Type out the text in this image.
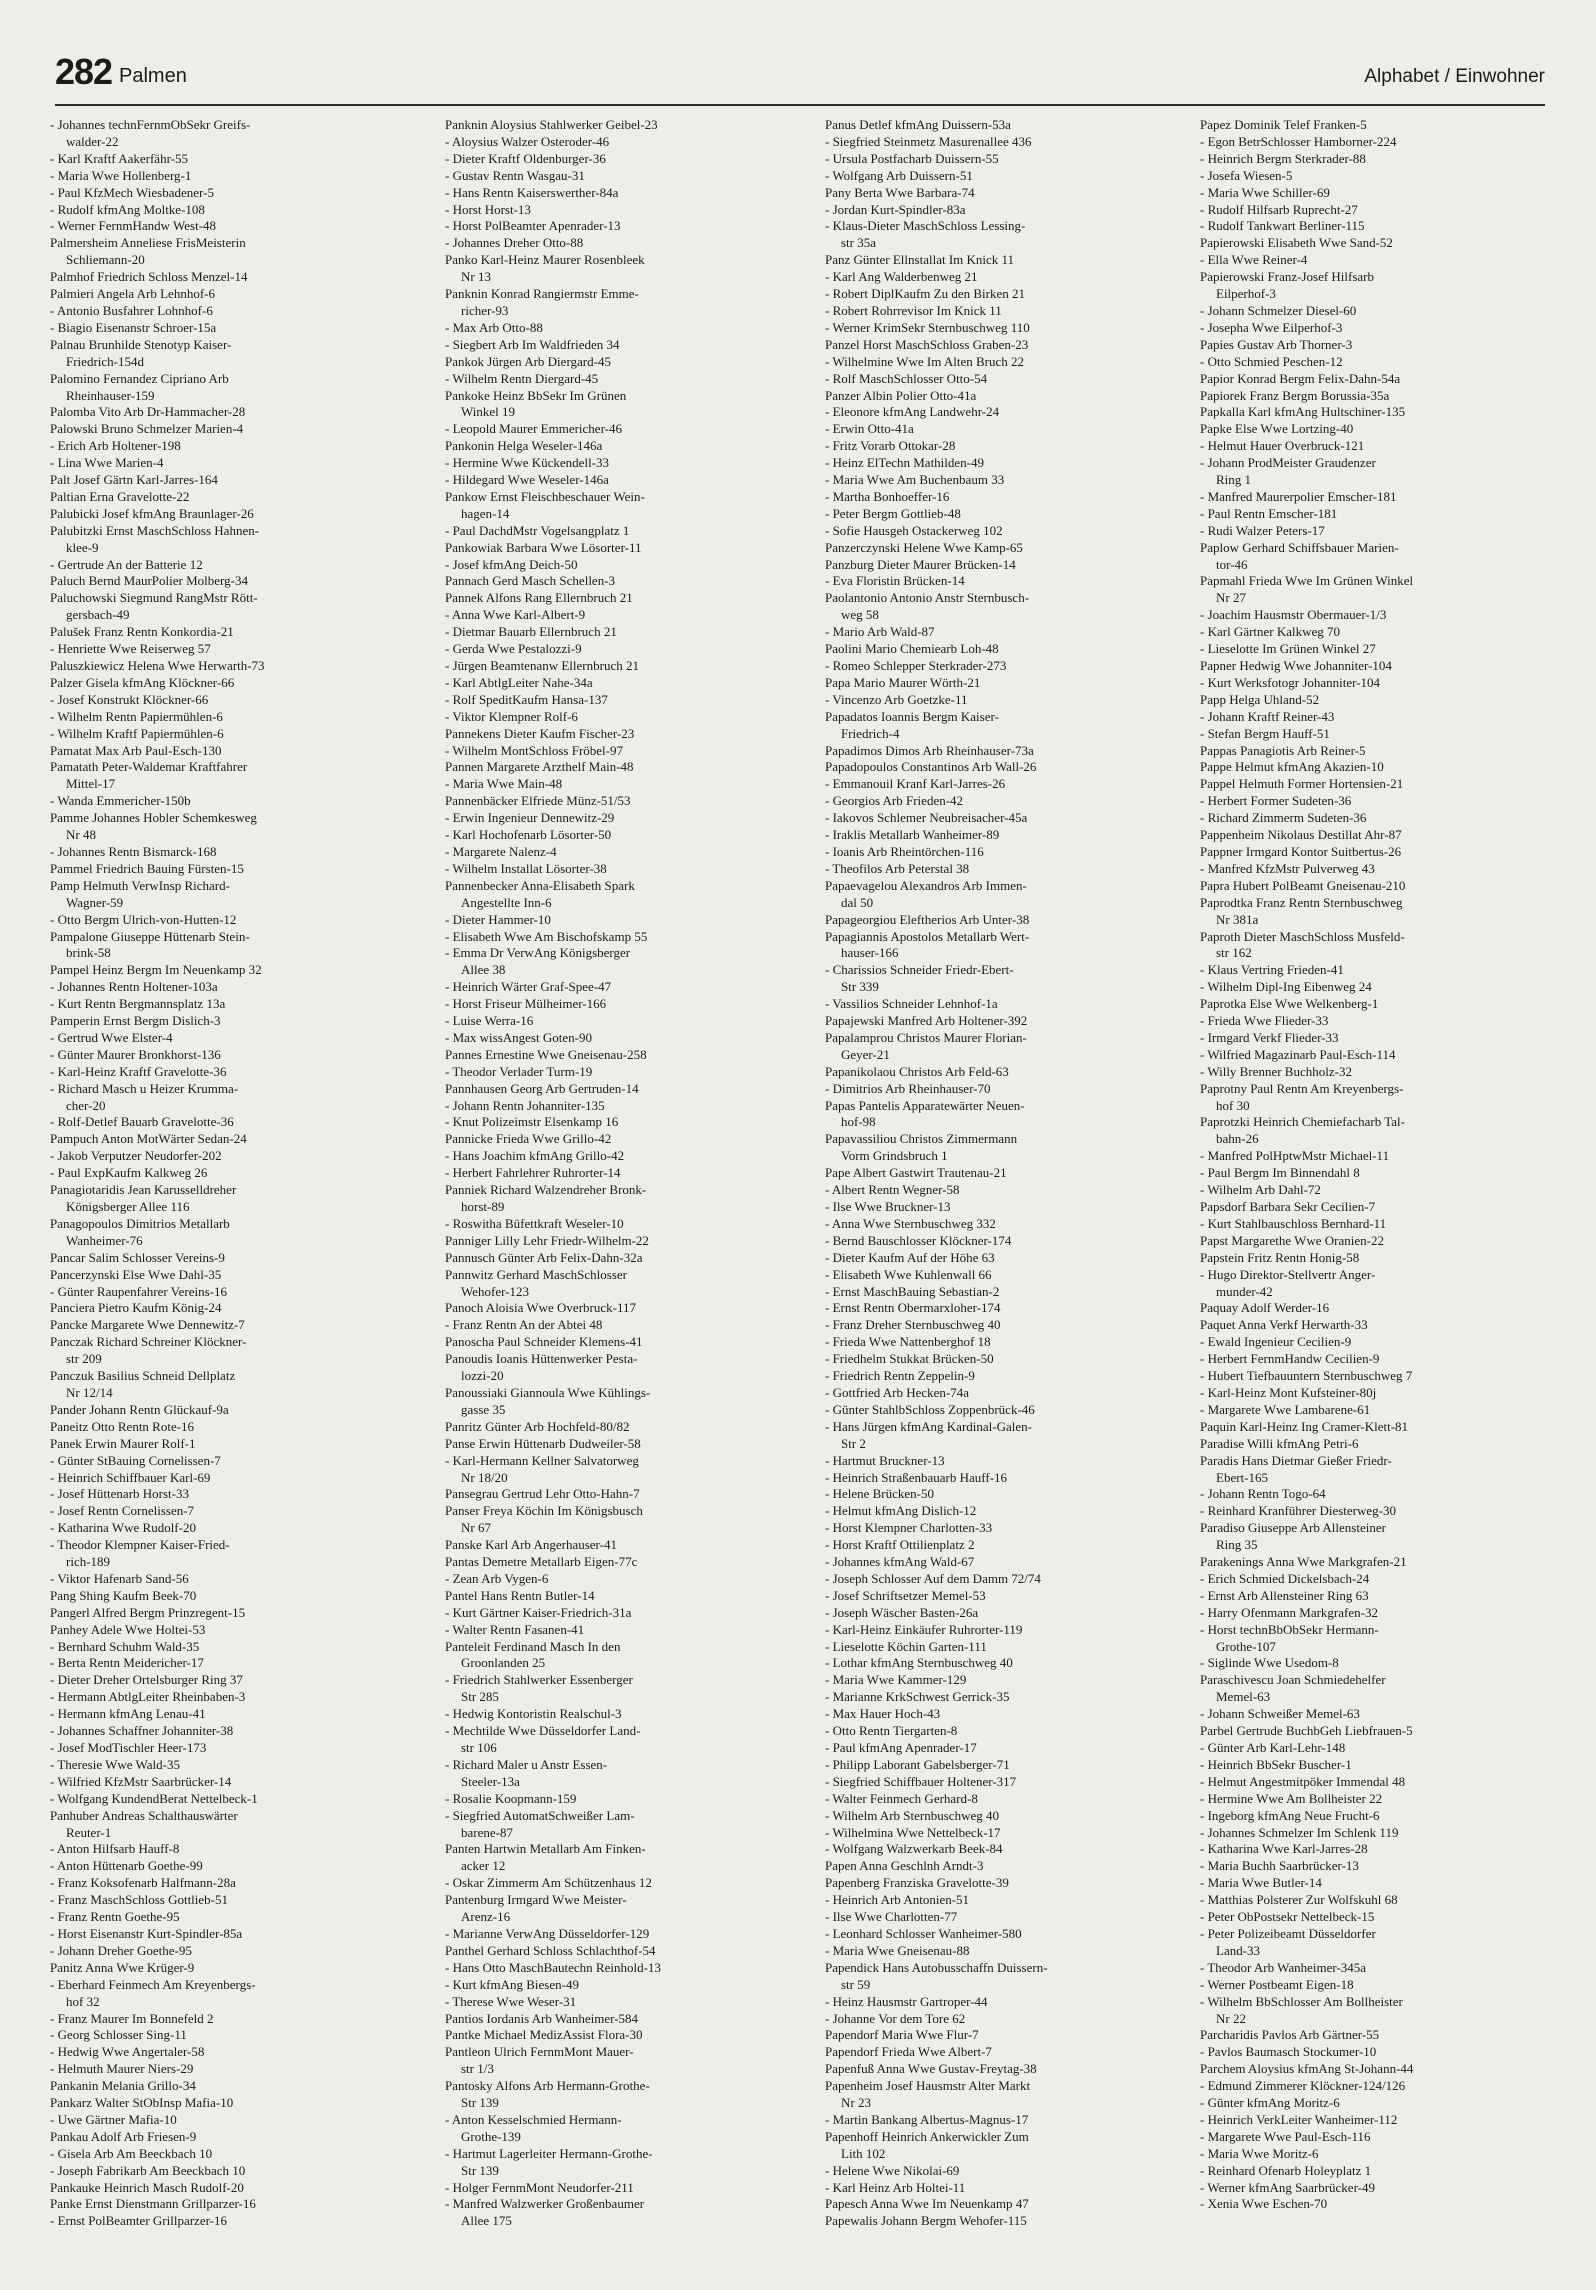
282 Palmen	Alphabet / Einwohner
- Johannes technFernmObSekr Greifs-
walder-22
- Karl Kraftf Aakerfähr-55
- Maria Wwe Hollenberg-1
- Paul KfzMech Wiesbadener-5
- Rudolf kfmAng Moltke-108
- Werner FernmHandw West-48
Palmersheim Anneliese FrisMeisterin
Schliemann-20
Palmhof Friedrich Schloss Menzel-14
Palmieri Angela Arb Lehnhof-6
- Antonio Busfahrer Lohnhof-6
- Biagio Eisenanstr Schroer-15a
Palnau Brunhilde Stenotyp Kaiser-
Friedrich-154d
Palomino Fernandez Cipriano Arb
Rheinhauser-159
Palomba Vito Arb Dr-Hammacher-28
Palowski Bruno Schmelzer Marien-4
- Erich Arb Holtener-198
- Lina Wwe Marien-4
Palt Josef Gärtn Karl-Jarres-164
Paltian Erna Gravelotte-22
Palubicki Josef kfmAng Braunlager-26
Palubitzki Ernst MaschSchloss Hahnen-
klee-9
- Gertrude An der Batterie 12
Paluch Bernd MaurPolier Molberg-34
Paluchowski Siegmund RangMstr Rött-
gersbach-49
Palušek Franz Rentn Konkordia-21
- Henriette Wwe Reiserweg 57
Paluszkiewicz Helena Wwe Herwarth-73
Palzer Gisela kfmAng Klöckner-66
- Josef Konstrukt Klöckner-66
- Wilhelm Rentn Papiermühlen-6
- Wilhelm Kraftf Papiermühlen-6
Pamatat Max Arb Paul-Esch-130
Pamatath Peter-Waldemar Kraftfahrer
Mittel-17
- Wanda Emmericher-150b
Pamme Johannes Hobler Schemkesweg
Nr 48
- Johannes Rentn Bismarck-168
Pammel Friedrich Bauing Fürsten-15
Pamp Helmuth VerwInsp Richard-
Wagner-59
- Otto Bergm Ulrich-von-Hutten-12
Pampalone Giuseppe Hüttenarb Stein-
brink-58
Pampel Heinz Bergm Im Neuenkamp 32
- Johannes Rentn Holtener-103a
- Kurt Rentn Bergmannsplatz 13a
Pamperin Ernst Bergm Dislich-3
- Gertrud Wwe Elster-4
- Günter Maurer Bronkhorst-136
- Karl-Heinz Kraftf Gravelotte-36
- Richard Masch u Heizer Krumma-
cher-20
- Rolf-Detlef Bauarb Gravelotte-36
Pampuch Anton MotWärter Sedan-24
- Jakob Verputzer Neudorfer-202
- Paul ExpKaufm Kalkweg 26
Panagiotaridis Jean Karusselldreher
Königsberger Allee 116
Panagopoulos Dimitrios Metallarb
Wanheimer-76
Pancar Salim Schlosser Vereins-9
Pancerzynski Else Wwe Dahl-35
- Günter Raupenfahrer Vereins-16
Panciera Pietro Kaufm König-24
Pancke Margarete Wwe Dennewitz-7
Panczak Richard Schreiner Klöckner-
str 209
Panczuk Basilius Schneid Dellplatz
Nr 12/14
Pander Johann Rentn Glückauf-9a
Paneitz Otto Rentn Rote-16
Panek Erwin Maurer Rolf-1
- Günter StBauing Cornelissen-7
- Heinrich Schiffbauer Karl-69
- Josef Hüttenarb Horst-33
- Josef Rentn Cornelissen-7
- Katharina Wwe Rudolf-20
- Theodor Klempner Kaiser-Fried-
rich-189
- Viktor Hafenarb Sand-56
Pang Shing Kaufm Beek-70
Pangerl Alfred Bergm Prinzregent-15
Panhey Adele Wwe Holtei-53
- Bernhard Schuhm Wald-35
- Berta Rentn Meidericher-17
- Dieter Dreher Ortelsburger Ring 37
- Hermann AbtlgLeiter Rheinbaben-3
- Hermann kfmAng Lenau-41
- Johannes Schaffner Johanniter-38
- Josef ModTischler Heer-173
- Theresie Wwe Wald-35
- Wilfried KfzMstr Saarbrücker-14
- Wolfgang KundendBerat Nettelbeck-1
Panhuber Andreas Schalthauswärter
Reuter-1
- Anton Hilfsarb Hauff-8
- Anton Hüttenarb Goethe-99
- Franz Koksofenarb Halfmann-28a
- Franz MaschSchloss Gottlieb-51
- Franz Rentn Goethe-95
- Horst Eisenanstr Kurt-Spindler-85a
- Johann Dreher Goethe-95
Panitz Anna Wwe Krüger-9
- Eberhard Feinmech Am Kreyenbergs-
hof 32
- Franz Maurer Im Bonnefeld 2
- Georg Schlosser Sing-11
- Hedwig Wwe Angertaler-58
- Helmuth Maurer Niers-29
Pankanin Melania Grillo-34
Pankarz Walter StObInsp Mafia-10
- Uwe Gärtner Mafia-10
Pankau Adolf Arb Friesen-9
- Gisela Arb Am Beeckbach 10
- Joseph Fabrikarb Am Beeckbach 10
Pankauke Heinrich Masch Rudolf-20
Panke Ernst Dienstmann Grillparzer-16
- Ernst PolBeamter Grillparzer-16
Panknin Aloysius Stahlwerker Geibel-23
- Aloysius Walzer Osteroder-46
- Dieter Kraftf Oldenburger-36
- Gustav Rentn Wasgau-31
- Hans Rentn Kaiserswerther-84a
- Horst Horst-13
- Horst PolBeamter Apenrader-13
- Johannes Dreher Otto-88
Panko Karl-Heinz Maurer Rosenbleek
Nr 13
Panknin Konrad Rangiermstr Emme-
richer-93
- Max Arb Otto-88
- Siegbert Arb Im Waldfrieden 34
Pankok Jürgen Arb Diergard-45
- Wilhelm Rentn Diergard-45
Pankoke Heinz BbSekr Im Grünen
Winkel 19
- Leopold Maurer Emmericher-46
Pankonin Helga Weseler-146a
- Hermine Wwe Kückendell-33
- Hildegard Wwe Weseler-146a
Pankow Ernst Fleischbeschauer Wein-
hagen-14
- Paul DachdMstr Vogelsangplatz 1
Pankowiak Barbara Wwe Lösorter-11
- Josef kfmAng Deich-50
Pannach Gerd Masch Schellen-3
Pannek Alfons Rang Ellernbruch 21
- Anna Wwe Karl-Albert-9
- Dietmar Bauarb Ellernbruch 21
- Gerda Wwe Pestalozzi-9
- Jürgen Beamtenanw Ellernbruch 21
- Karl AbtlgLeiter Nahe-34a
- Rolf SpeditKaufm Hansa-137
- Viktor Klempner Rolf-6
Pannekens Dieter Kaufm Fischer-23
- Wilhelm MontSchloss Fröbel-97
Pannen Margarete Arzthelf Main-48
- Maria Wwe Main-48
Pannenbäcker Elfriede Münz-51/53
- Erwin Ingenieur Dennewitz-29
- Karl Hochofenarb Lösorter-50
- Margarete Nalenz-4
- Wilhelm Installat Lösorter-38
Pannenbecker Anna-Elisabeth Spark
Angestellte Inn-6
- Dieter Hammer-10
- Elisabeth Wwe Am Bischofskamp 55
- Emma Dr VerwAng Königsberger
Allee 38
- Heinrich Wärter Graf-Spee-47
- Horst Friseur Mülheimer-166
- Luise Werra-16
- Max wissAngest Goten-90
Pannes Ernestine Wwe Gneisenau-258
- Theodor Verlader Turm-19
Pannhausen Georg Arb Gertruden-14
- Johann Rentn Johanniter-135
- Knut Polizeimstr Elsenkamp 16
Pannicke Frieda Wwe Grillo-42
- Hans Joachim kfmAng Grillo-42
- Herbert Fahrlehrer Ruhrorter-14
Panniek Richard Walzendreher Bronk-
horst-89
- Roswitha Büfettkraft Weseler-10
Panniger Lilly Lehr Friedr-Wilhelm-22
Pannusch Günter Arb Felix-Dahn-32a
Pannwitz Gerhard MaschSchlosser
Wehofer-123
Panoch Aloisia Wwe Overbruck-117
- Franz Rentn An der Abtei 48
Panoscha Paul Schneider Klemens-41
Panoudis Ioanis Hüttenwerker Pesta-
lozzi-20
Panoussiaki Giannoula Wwe Kühlings-
gasse 35
Panritz Günter Arb Hochfeld-80/82
Panse Erwin Hüttenarb Dudweiler-58
- Karl-Hermann Kellner Salvatorweg
Nr 18/20
Pansegrau Gertrud Lehr Otto-Hahn-7
Panser Freya Köchin Im Königsbusch
Nr 67
Panske Karl Arb Angerhauser-41
Pantas Demetre Metallarb Eigen-77c
- Zean Arb Vygen-6
Pantel Hans Rentn Butler-14
- Kurt Gärtner Kaiser-Friedrich-31a
- Walter Rentn Fasanen-41
Panteleit Ferdinand Masch In den
Groonlanden 25
- Friedrich Stahlwerker Essenberger
Str 285
- Hedwig Kontoristin Realschul-3
- Mechtilde Wwe Düsseldorfer Land-
str 106
- Richard Maler u Anstr Essen-
Steeler-13a
- Rosalie Koopmann-159
- Siegfried AutomatSchweißer Lam-
barene-87
Panten Hartwin Metallarb Am Finken-
acker 12
- Oskar Zimmerm Am Schützenhaus 12
Pantenburg Irmgard Wwe Meister-
Arenz-16
- Marianne VerwAng Düsseldorfer-129
Panthel Gerhard Schloss Schlachthof-54
- Hans Otto MaschBautechn Reinhold-13
- Kurt kfmAng Biesen-49
- Therese Wwe Weser-31
Pantios Iordanis Arb Wanheimer-584
Pantke Michael MedizAssist Flora-30
Pantleon Ulrich FernmMont Mauer-
str 1/3
Pantosky Alfons Arb Hermann-Grothe-
Str 139
- Anton Kesselschmied Hermann-
Grothe-139
- Hartmut Lagerleiter Hermann-Grothe-
Str 139
- Holger FernmMont Neudorfer-211
- Manfred Walzwerker Großenbaumer
Allee 175
Panus Detlef kfmAng Duissern-53a
- Siegfried Steinmetz Masurenallee 436
- Ursula Postfacharb Duissern-55
- Wolfgang Arb Duissern-51
Pany Berta Wwe Barbara-74
- Jordan Kurt-Spindler-83a
- Klaus-Dieter MaschSchloss Lessing-
str 35a
Panz Günter Ellnstallat Im Knick 11
- Karl Ang Walderbenweg 21
- Robert DiplKaufm Zu den Birken 21
- Robert Rohrrevisor Im Knick 11
- Werner KrimSekr Sternbuschweg 110
Panzel Horst MaschSchloss Graben-23
- Wilhelmine Wwe Im Alten Bruch 22
- Rolf MaschSchlosser Otto-54
Panzer Albin Polier Otto-41a
- Eleonore kfmAng Landwehr-24
- Erwin Otto-41a
- Fritz Vorarb Ottokar-28
- Heinz ElTechn Mathilden-49
- Maria Wwe Am Buchenbaum 33
- Martha Bonhoeffer-16
- Peter Bergm Gottlieb-48
- Sofie Hausgeh Ostackerweg 102
Panzerczynski Helene Wwe Kamp-65
Panzburg Dieter Maurer Brücken-14
- Eva Floristin Brücken-14
Paolantonio Antonio Anstr Sternbusch-
weg 58
- Mario Arb Wald-87
Paolini Mario Chemiearb Loh-48
- Romeo Schlepper Sterkrader-273
Papa Mario Maurer Wörth-21
- Vincenzo Arb Goetzke-11
Papadatos Ioannis Bergm Kaiser-
Friedrich-4
Papadimos Dimos Arb Rheinhauser-73a
Papadopoulos Constantinos Arb Wall-26
- Emmanouil Kranf Karl-Jarres-26
- Georgios Arb Frieden-42
- Iakovos Schlemer Neubreisacher-45a
- Iraklis Metallarb Wanheimer-89
- Ioanis Arb Rheintörchen-116
- Theofilos Arb Peterstal 38
Papaevagelou Alexandros Arb Immen-
dal 50
Papageorgiou Eleftherios Arb Unter-38
Papagiannis Apostolos Metallarb Wert-
hauser-166
- Charissios Schneider Friedr-Ebert-
Str 339
- Vassilios Schneider Lehnhof-1a
Papajewski Manfred Arb Holtener-392
Papalamprou Christos Maurer Florian-
Geyer-21
Papanikolaou Christos Arb Feld-63
- Dimitrios Arb Rheinhauser-70
Papas Pantelis Apparatewärter Neuen-
hof-98
Papavassiliou Christos Zimmermann
Vorm Grindsbruch 1
Pape Albert Gastwirt Trautenau-21
- Albert Rentn Wegner-58
- Ilse Wwe Bruckner-13
- Anna Wwe Sternbuschweg 332
- Bernd Bauschlosser Klöckner-174
- Dieter Kaufm Auf der Höhe 63
- Elisabeth Wwe Kuhlenwall 66
- Ernst MaschBauing Sebastian-2
- Ernst Rentn Obermarxloher-174
- Franz Dreher Sternbuschweg 40
- Frieda Wwe Nattenberghof 18
- Friedhelm Stukkat Brücken-50
- Friedrich Rentn Zeppelin-9
- Gottfried Arb Hecken-74a
- Günter StahlbSchloss Zoppenbrück-46
- Hans Jürgen kfmAng Kardinal-Galen-
Str 2
- Hartmut Bruckner-13
- Heinrich Straßenbauarb Hauff-16
- Helene Brücken-50
- Helmut kfmAng Dislich-12
- Horst Klempner Charlotten-33
- Horst Kraftf Ottilienplatz 2
- Johannes kfmAng Wald-67
- Joseph Schlosser Auf dem Damm 72/74
- Josef Schriftsetzer Memel-53
- Joseph Wäscher Basten-26a
- Karl-Heinz Einkäufer Ruhrorter-119
- Lieselotte Köchin Garten-111
- Lothar kfmAng Sternbuschweg 40
- Maria Wwe Kammer-129
- Marianne KrkSchwest Gerrick-35
- Max Hauer Hoch-43
- Otto Rentn Tiergarten-8
- Paul kfmAng Apenrader-17
- Philipp Laborant Gabelsberger-71
- Siegfried Schiffbauer Holtener-317
- Walter Feinmech Gerhard-8
- Wilhelm Arb Sternbuschweg 40
- Wilhelmina Wwe Nettelbeck-17
- Wolfgang Walzwerkarb Beek-84
Papen Anna Geschlnh Arndt-3
Papenberg Franziska Gravelotte-39
- Heinrich Arb Antonien-51
- Ilse Wwe Charlotten-77
- Leonhard Schlosser Wanheimer-580
- Maria Wwe Gneisenau-88
Papendick Hans Autobusschaffn Duissern-
str 59
- Heinz Hausmstr Gartroper-44
- Johanne Vor dem Tore 62
Papendorf Maria Wwe Flur-7
Papendorf Frieda Wwe Albert-7
Papenfuß Anna Wwe Gustav-Freytag-38
Papenheim Josef Hausmstr Alter Markt
Nr 23
- Martin Bankang Albertus-Magnus-17
Papenhoff Heinrich Ankerwickler Zum
Lith 102
- Helene Wwe Nikolai-69
- Karl Heinz Arb Holtei-11
Papesch Anna Wwe Im Neuenkamp 47
Papewalis Johann Bergm Wehofer-115
Papez Dominik Telef Franken-5
- Egon BetrSchlosser Hamborner-224
- Heinrich Bergm Sterkrader-88
- Josefa Wiesen-5
- Maria Wwe Schiller-69
- Rudolf Hilfsarb Ruprecht-27
- Rudolf Tankwart Berliner-115
Papierowski Elisabeth Wwe Sand-52
- Ella Wwe Reiner-4
Papierowski Franz-Josef Hilfsarb
Eilperhof-3
- Johann Schmelzer Diesel-60
- Josepha Wwe Eilperhof-3
Papies Gustav Arb Thorner-3
- Otto Schmied Peschen-12
Papior Konrad Bergm Felix-Dahn-54a
Papiorek Franz Bergm Borussia-35a
Papkalla Karl kfmAng Hultschiner-135
Papke Else Wwe Lortzing-40
- Helmut Hauer Overbruck-121
- Johann ProdMeister Graudenzer
Ring 1
- Manfred Maurerpolier Emscher-181
- Paul Rentn Emscher-181
- Rudi Walzer Peters-17
Paplow Gerhard Schiffsbauer Marien-
tor-46
Papmahl Frieda Wwe Im Grünen Winkel
Nr 27
- Joachim Hausmstr Obermauer-1/3
- Karl Gärtner Kalkweg 70
- Lieselotte Im Grünen Winkel 27
Papner Hedwig Wwe Johanniter-104
- Kurt Werksfotogr Johanniter-104
Papp Helga Uhland-52
- Johann Kraftf Reiner-43
- Stefan Bergm Hauff-51
Pappas Panagiotis Arb Reiner-5
Pappe Helmut kfmAng Akazien-10
Pappel Helmuth Former Hortensien-21
- Herbert Former Sudeten-36
- Richard Zimmerm Sudeten-36
Pappenheim Nikolaus Destillat Ahr-87
Pappner Irmgard Kontor Suitbertus-26
- Manfred KfzMstr Pulverweg 43
Papra Hubert PolBeamt Gneisenau-210
Paprodtka Franz Rentn Sternbuschweg
Nr 381a
Paproth Dieter MaschSchloss Musfeld-
str 162
- Klaus Vertring Frieden-41
- Wilhelm Dipl-Ing Eibenweg 24
Paprotka Else Wwe Welkenberg-1
- Frieda Wwe Flieder-33
- Irmgard Verkf Flieder-33
- Wilfried Magazinarb Paul-Esch-114
- Willy Brenner Buchholz-32
Paprotny Paul Rentn Am Kreyenbergs-
hof 30
Paprotzki Heinrich Chemiefacharb Tal-
bahn-26
- Manfred PolHptwMstr Michael-11
- Paul Bergm Im Binnendahl 8
- Wilhelm Arb Dahl-72
Papsdorf Barbara Sekr Cecilien-7
- Kurt Stahlbauschloss Bernhard-11
Papst Margarethe Wwe Oranien-22
Papstein Fritz Rentn Honig-58
- Hugo Direktor-Stellvertr Anger-
munder-42
Paquay Adolf Werder-16
Paquet Anna Verkf Herwarth-33
- Ewald Ingenieur Cecilien-9
- Herbert FernmHandw Cecilien-9
- Hubert Tiefbauuntern Sternbuschweg 7
- Karl-Heinz Mont Kufsteiner-80j
- Margarete Wwe Lambarene-61
Paquin Karl-Heinz Ing Cramer-Klett-81
Paradise Willi kfmAng Petri-6
Paradis Hans Dietmar Gießer Friedr-
Ebert-165
- Johann Rentn Togo-64
- Reinhard Kranführer Diesterweg-30
Paradiso Giuseppe Arb Allensteiner
Ring 35
Parakenings Anna Wwe Markgrafen-21
- Erich Schmied Dickelsbach-24
- Ernst Arb Allensteiner Ring 63
- Harry Ofenmann Markgrafen-32
- Horst technBbObSekr Hermann-
Grothe-107
- Siglinde Wwe Usedom-8
Paraschivescu Joan Schmiedehelfer
Memel-63
- Johann Schweißer Memel-63
Parbel Gertrude BuchbGeh Liebfrauen-5
- Günter Arb Karl-Lehr-148
- Heinrich BbSekr Buscher-1
- Helmut Angestmitpöker Immendal 48
- Hermine Wwe Am Bollheister 22
- Ingeborg kfmAng Neue Frucht-6
- Johannes Schmelzer Im Schlenk 119
- Katharina Wwe Karl-Jarres-28
- Maria Buchh Saarbrücker-13
- Maria Wwe Butler-14
- Matthias Polsterer Zur Wolfskuhl 68
- Peter ObPostsekr Nettelbeck-15
- Peter Polizeibeamt Düsseldorfer
Land-33
- Theodor Arb Wanheimer-345a
- Werner Postbeamt Eigen-18
- Wilhelm BbSchlosser Am Bollheister
Nr 22
Parcharidis Pavlos Arb Gärtner-55
- Pavlos Baumasch Stockumer-10
Parchem Aloysius kfmAng St-Johann-44
- Edmund Zimmerer Klöckner-124/126
- Günter kfmAng Moritz-6
- Heinrich VerkLeiter Wanheimer-112
- Margarete Wwe Paul-Esch-116
- Maria Wwe Moritz-6
- Reinhard Ofenarb Holeyplatz 1
- Werner kfmAng Saarbrücker-49
- Xenia Wwe Eschen-70
